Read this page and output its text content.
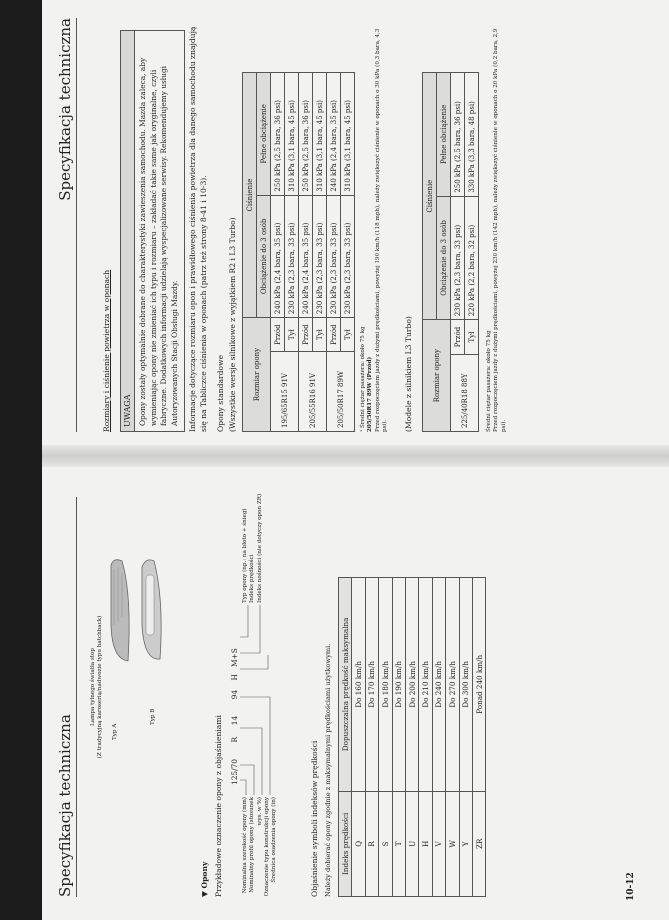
Specyfikacja techniczna
Lampa tylnego światła stop (Z tradycyjną karoserią/nadwozie typu hatchback) Typ A
Typ B
▼ Opony Przykładowe oznaczenie opony z objaśnieniami 125/70       R     14       94    H   M+S
Nominalna szerokość opony (mm) Nominalny profil opony (stosunek wys. w %) Oznaczenie typu konstrukcji opony Średnica osadzenia opony (in)
Typ opony (np.: na błoto + śnieg) Indeks prędkości Indeks nośności (nie dotyczy opon ZR)
Objaśnienie symboli indeksów prędkości Należy dobierać opony zgodnie z maksymalnymi prędkościami użytkowymi. Indeks prędkości	Dopuszczalna prędkość maksymalna
Q	Do 160 km/h
R	Do 170 km/h
S	Do 180 km/h
T	Do 190 km/h
U	Do 200 km/h
H	Do 210 km/h
V	Do 240 km/h
W	Do 270 km/h
Y	Do 300 km/h
ZR	Ponad 240 km/h
10-12
Specyfikacja techniczna
Rozmiary i ciśnienie powietrza w oponach UWAGA Opony zostały optymalnie dobrane do charakterystyki zawieszenia samochodu. Mazda zaleca, aby wymieniając opony nie zmieniać ich typu i rozmiaru – zakładać takie same jak oryginalne, czyli fabryczne. Dodatkowych informacji udzielają wyspecjalizowane serwisy. Rekomendujemy usługi Autoryzowanych Stacji Obsługi Mazdy.	Informacje dotyczące rozmiaru opon i prawidłowego ciśnienia powietrza dla danego samochodu znajdują się na Tabliczce ciśnienia w oponach (patrz też strony 8-41 i 10-3). Opony standardowe (Wszystkie wersje silnikowe z wyjątkiem R2 i L3 Turbo) Rozmiar opony		Ciśnienie	
		Obciążenie do 3 osób	Pełne obciążenie
195/65R15 91V	Przód	240 kPa (2,4 bara, 35 psi)	250 kPa (2,5 bara, 36 psi)
	Tył	230 kPa (2,3 bara, 33 psi)	310 kPa (3,1 bara, 45 psi)
205/55R16 91V	Przód	240 kPa (2,4 bara, 35 psi)	250 kPa (2,5 bara, 36 psi)
	Tył	230 kPa (2,3 bara, 33 psi)	310 kPa (3,1 bara, 45 psi)
205/50R17 89W	Przód	230 kPa (2,3 bara, 33 psi)	240 kPa (2,4 bara, 35 psi)
	Tył	230 kPa (2,3 bara, 33 psi)	310 kPa (3,1 bara, 45 psi)
¹ Średni ciężar pasażera: około 75 kg 205/50R17 89W (Przód) Przed rozpoczęciem jazdy z dużymi prędkościami, powyżej 190 km/h (118 mph), należy zwiększyć ciśnienie w oponach o 30 kPa (0,3 bara, 4,3 psi). (Modele z silnikiem L3 Turbo)	Rozmiar opony		Ciśnienie	
		Obciążenie do 3 osób	Pełne obciążenie
225/40R18 88Y	Przód	230 kPa (2,3 bara, 33 psi)	250 kPa (2,5 bara, 36 psi)
	Tył	220 kPa (2,2 bara, 32 psi)	330 kPa (3,3 bara, 48 psi)
Średni ciężar pasażera: około 75 kg Przed rozpoczęciem jazdy z dużymi prędkościami, powyżej 230 km/h (142 mph), należy zwiększyć ciśnienie w oponach o 20 kPa (0,2 bara, 2,9 psi).
